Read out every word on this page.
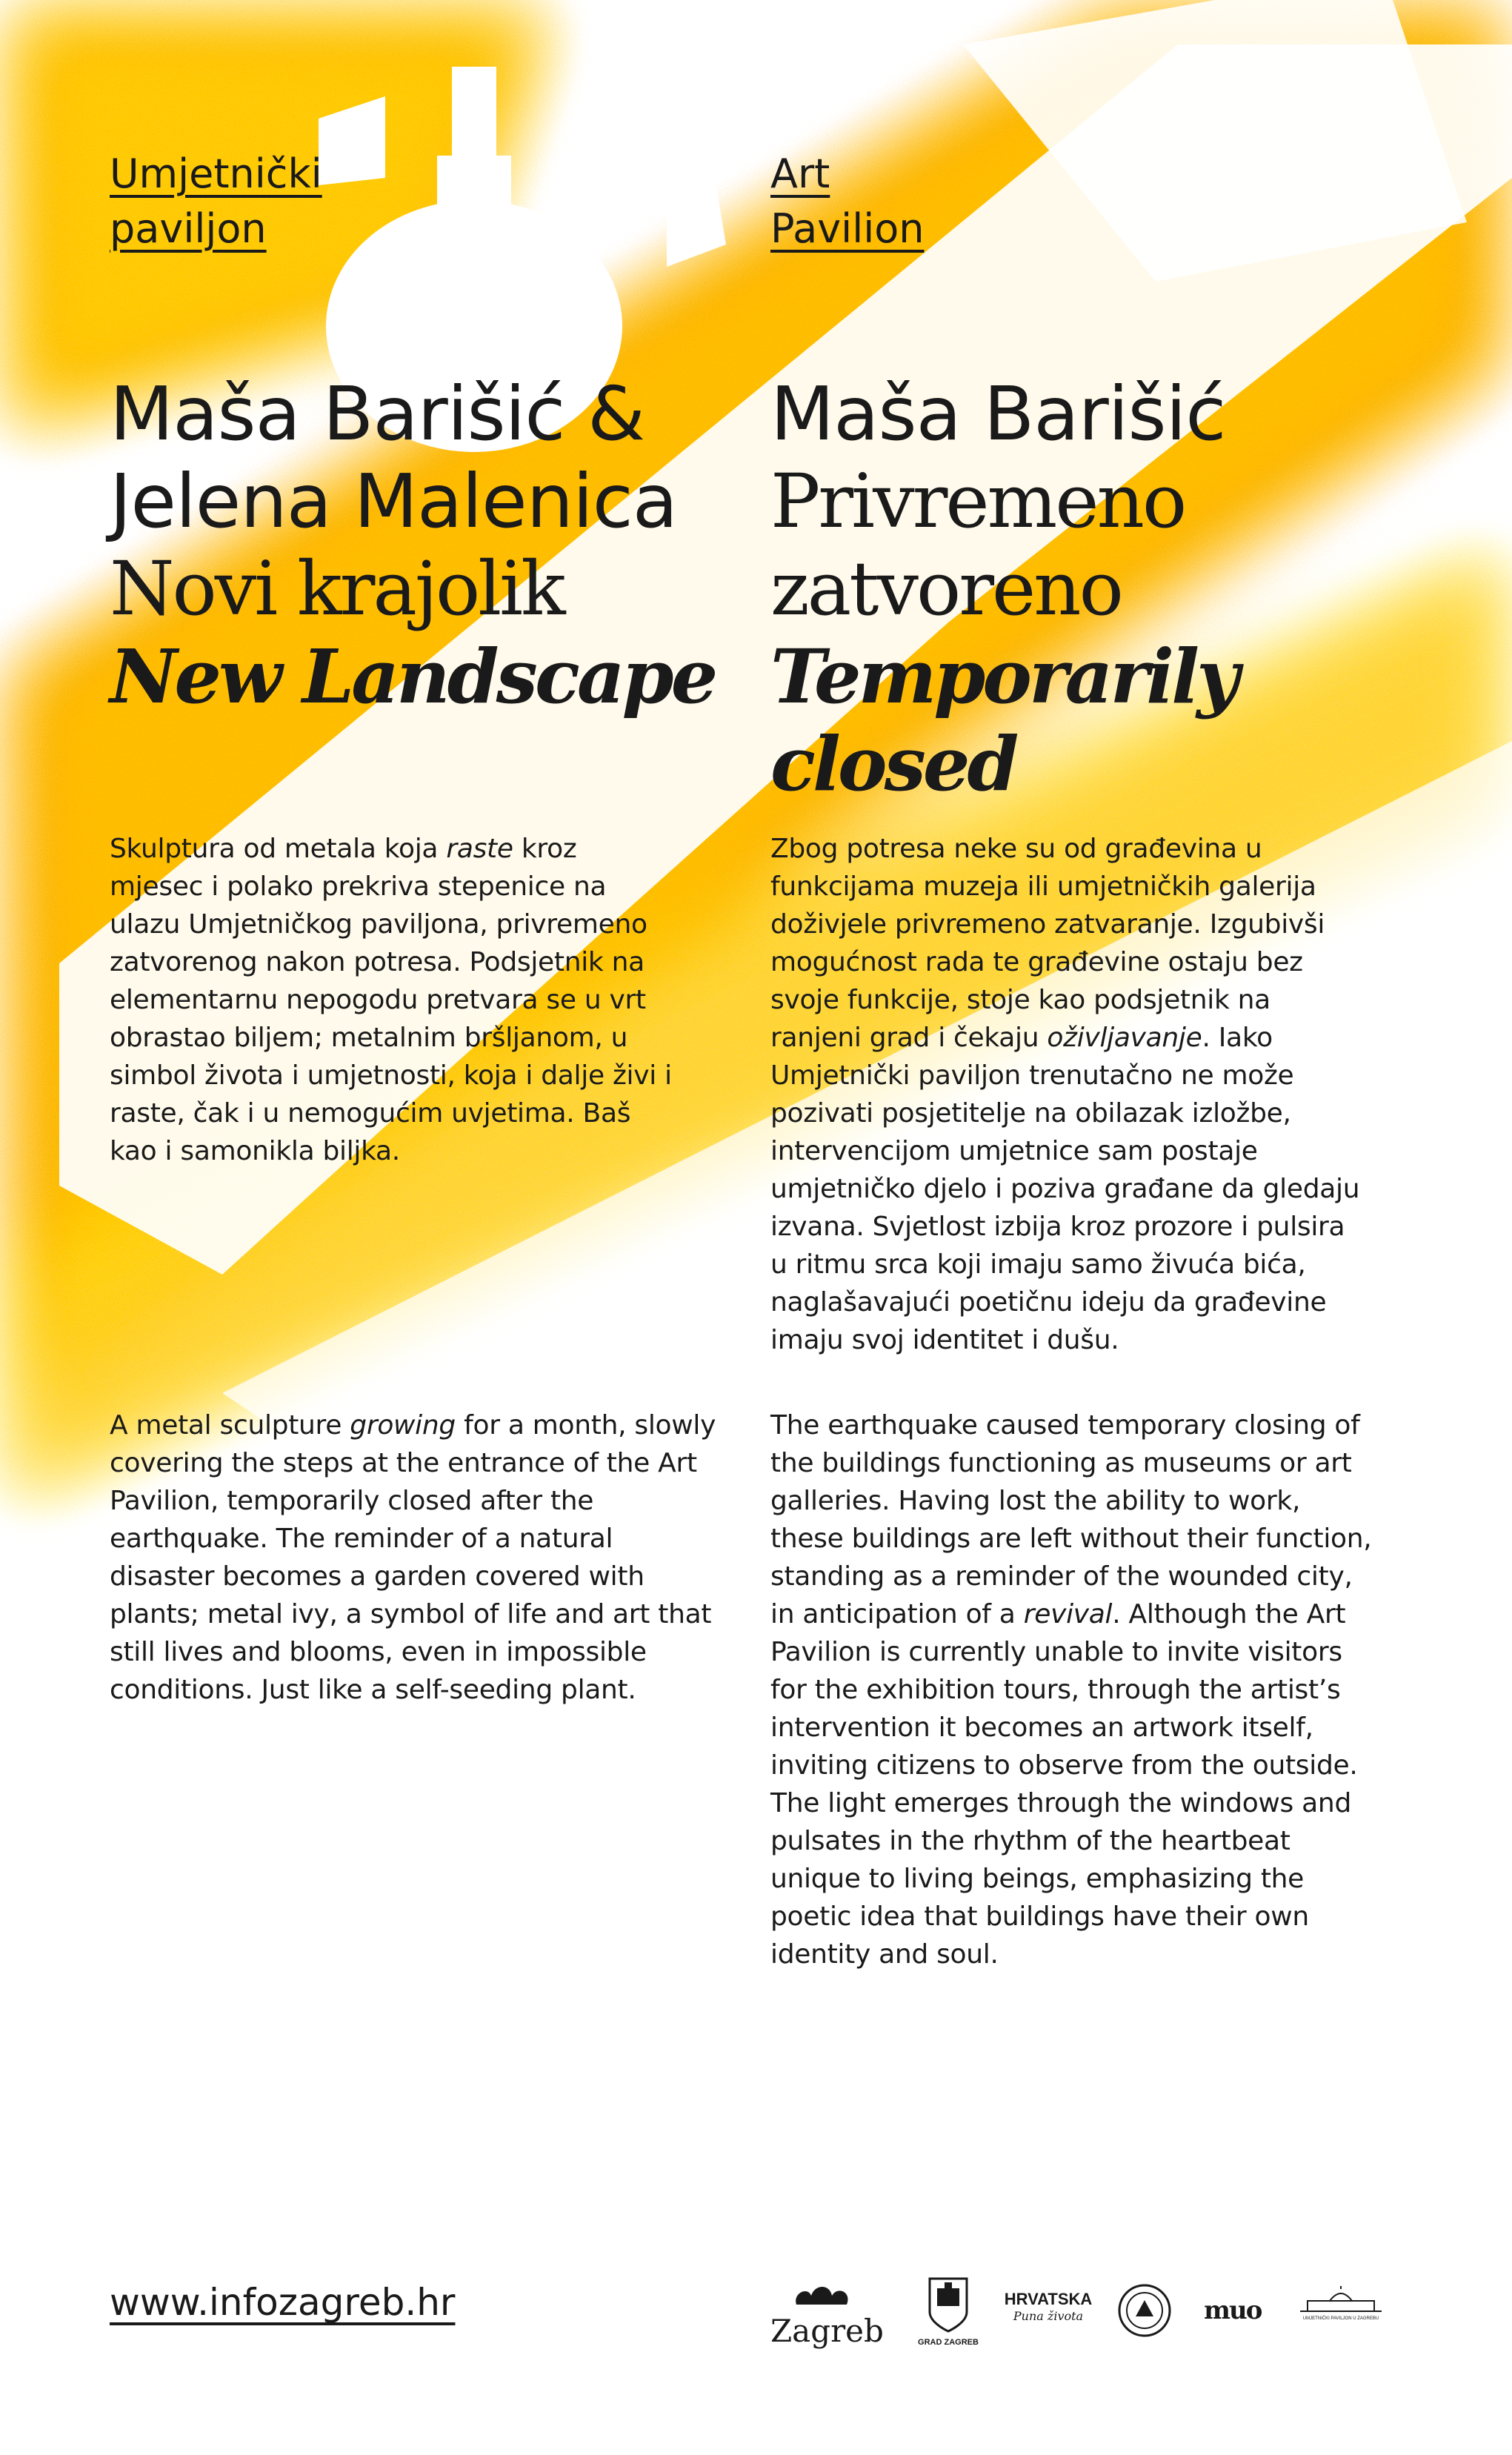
Umjetnički
paviljon
Maša Barišić &
Jelena Malenica
Novi krajolik
New Landscape

Skulptura od metala koja raste kroz mjesec i polako prekriva stepenice na ulazu Umjetničkog paviljona, privremeno zatvorenog nakon potresa. Podsjetnik na elementarnu nepogodu pretvara se u vrt obrastao biljem; metalnim bršljanom, u simbol života i umjetnosti, koja i dalje živi i raste, čak i u nemogućim uvjetima. Baš kao i samonikla biljka.

A metal sculpture growing for a month, slowly covering the steps at the entrance of the Art Pavilion, temporarily closed after the earthquake. The reminder of a natural disaster becomes a garden covered with plants; metal ivy, a symbol of life and art that still lives and blooms, even in impossible conditions. Just like a self-seeding plant.

Art
Pavilion
Maša Barišić
Privremeno
zatvoreno
Temporarily closed

Zbog potresa neke su od građevina u funkcijama muzeja ili umjetničkih galerija doživjele privremeno zatvaranje. Izgubivši mogućnost rada te građevine ostaju bez svoje funkcije, stoje kao podsjetnik na ranjeni grad i čekaju oživljavanje. Iako Umjetnički paviljon trenutačno ne može pozivati posjetitelje na obilazak izložbe, intervencijom umjetnice sam postaje umjetničko djelo i poziva građane da gledaju izvana. Svjetlost izbija kroz prozore i pulsira u ritmu srca koji imaju samo živuća bića, naglašavajući poetičnu ideju da građevine imaju svoj identitet i dušu.

The earthquake caused temporary closing of the buildings functioning as museums or art galleries. Having lost the ability to work, these buildings are left without their function, standing as a reminder of the wounded city, in anticipation of a revival. Although the Art Pavilion is currently unable to invite visitors for the exhibition tours, through the artist’s intervention it becomes an artwork itself, inviting citizens to observe from the outside. The light emerges through the windows and pulsates in the rhythm of the heartbeat unique to living beings, emphasizing the poetic idea that buildings have their own identity and soul.

www.infozagreb.hr
Zagreb	GRAD ZAGREB
HRVATSKA
Puna života	muo	UMJETNIČKI PAVILJON U ZAGREBU
